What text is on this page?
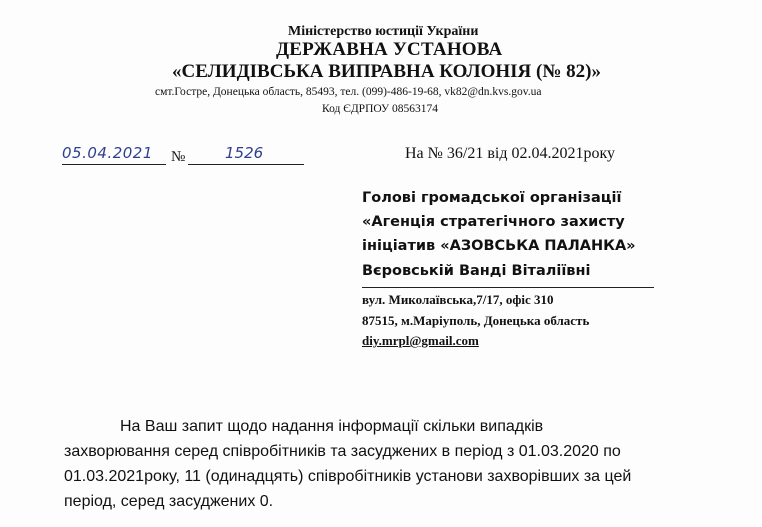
Міністерство юстиції України
ДЕРЖАВНА УСТАНОВА
«СЕЛИДІВСЬКА ВИПРАВНА КОЛОНІЯ (№ 82)»
смт.Гостре, Донецька область, 85493, тел. (099)-486-19-68, vk82@dn.kvs.gov.ua
Код ЄДРПОУ 08563174
05.04.2021 №	1526	На № 36/21 від 02.04.2021року
Голові громадської організації
«Агенція стратегічного захисту
ініціатив «АЗОВСЬКА ПАЛАНКА»
Вєровській Ванді Віталіївні
вул. Миколаївська,7/17, офіс 310
87515, м.Маріуполь, Донецька область
diy.mrpl@gmail.com
На Ваш запит щодо надання інформації скільки випадків
захворювання серед співробітників та засуджених в період з 01.03.2020 по
01.03.2021року, 11 (одинадцять) співробітників установи захворівших за цей
період, серед засуджених 0.
